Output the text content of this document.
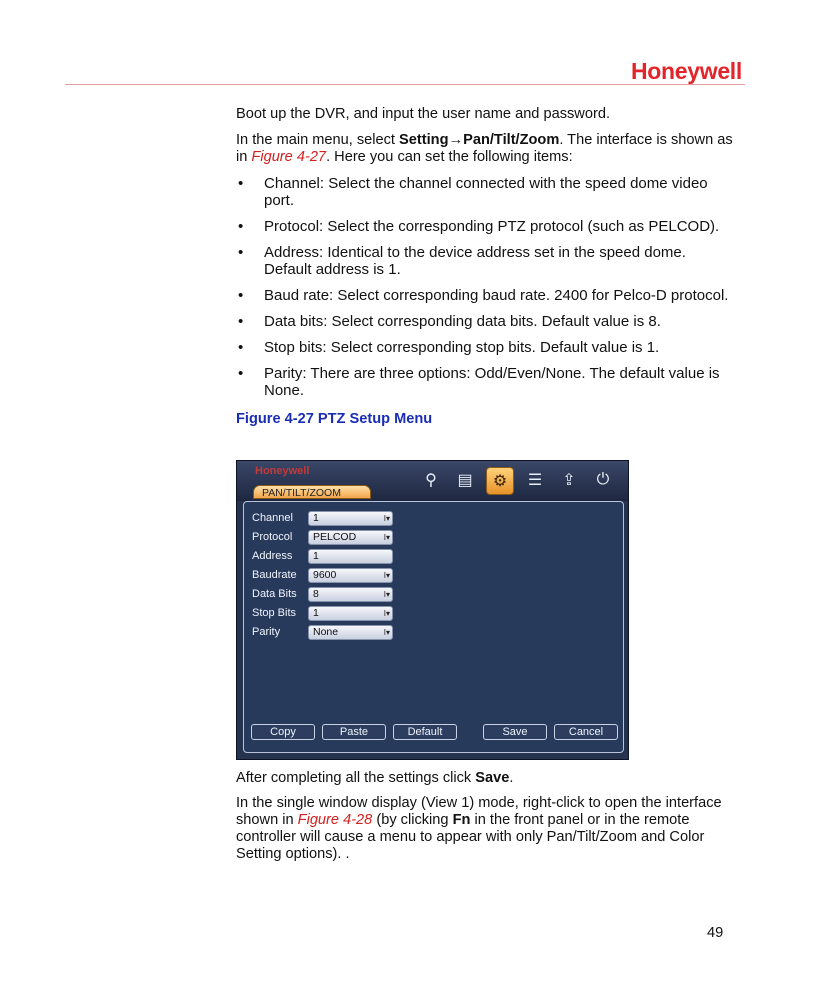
Honeywell

Boot up the DVR, and input the user name and password.

In the main menu, select Setting→Pan/Tilt/Zoom. The interface is shown as in Figure 4-27. Here you can set the following items:

• Channel: Select the channel connected with the speed dome video port.
• Protocol: Select the corresponding PTZ protocol (such as PELCOD).
• Address: Identical to the device address set in the speed dome. Default address is 1.
• Baud rate: Select corresponding baud rate. 2400 for Pelco-D protocol.
• Data bits: Select corresponding data bits. Default value is 8.
• Stop bits: Select corresponding stop bits. Default value is 1.
• Parity: There are three options: Odd/Even/None. The default value is None.
Figure 4-27 PTZ Setup Menu
Honeywell
PAN/TILT/ZOOM
⚲	▤	⚙	☰	⇪	⏻
Channel	1	I▾
Protocol	PELCOD	I▾
Address	1
Baudrate	9600	I▾
Data Bits	8	I▾
Stop Bits	1	I▾
Parity	None	I▾
Copy	Paste	Default	Save	Cancel

After completing all the settings click Save.

In the single window display (View 1) mode, right-click to open the interface shown in Figure 4-28 (by clicking Fn in the front panel or in the remote controller will cause a menu to appear with only Pan/Tilt/Zoom and Color Setting options). .

49
